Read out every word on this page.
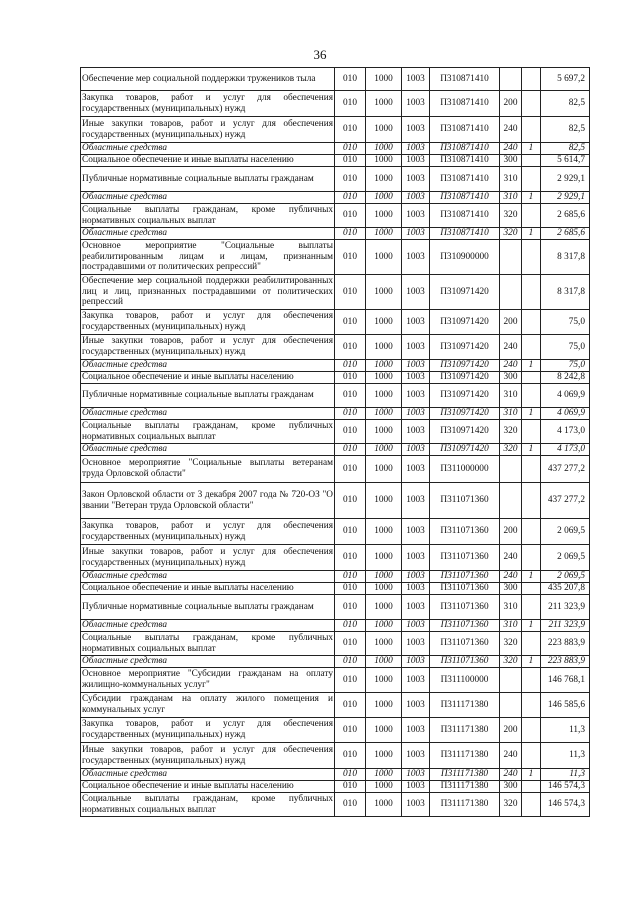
36
Обеспечение мер социальной поддержки тружеников тыла	010	1000	1003	П310871410			5 697,2
Закупка товаров, работ и услуг для обеспечения государственных (муниципальных) нужд	010	1000	1003	П310871410	200		82,5
Иные закупки товаров, работ и услуг для обеспечения государственных (муниципальных) нужд	010	1000	1003	П310871410	240		82,5
Областные средства	010	1000	1003	П310871410	240	1	82,5
Социальное обеспечение и иные выплаты населению	010	1000	1003	П310871410	300		5 614,7
Публичные нормативные социальные выплаты гражданам	010	1000	1003	П310871410	310		2 929,1
Областные средства	010	1000	1003	П310871410	310	1	2 929,1
Социальные выплаты гражданам, кроме публичных нормативных социальных выплат	010	1000	1003	П310871410	320		2 685,6
Областные средства	010	1000	1003	П310871410	320	1	2 685,6
Основное мероприятие "Социальные выплаты реабилитированным лицам и лицам, признанным пострадавшими от политических репрессий"	010	1000	1003	П310900000			8 317,8
Обеспечение мер социальной поддержки реабилитированных лиц и лиц, признанных пострадавшими от политических репрессий	010	1000	1003	П310971420			8 317,8
Закупка товаров, работ и услуг для обеспечения государственных (муниципальных) нужд	010	1000	1003	П310971420	200		75,0
Иные закупки товаров, работ и услуг для обеспечения государственных (муниципальных) нужд	010	1000	1003	П310971420	240		75,0
Областные средства	010	1000	1003	П310971420	240	1	75,0
Социальное обеспечение и иные выплаты населению	010	1000	1003	П310971420	300		8 242,8
Публичные нормативные социальные выплаты гражданам	010	1000	1003	П310971420	310		4 069,9
Областные средства	010	1000	1003	П310971420	310	1	4 069,9
Социальные выплаты гражданам, кроме публичных нормативных социальных выплат	010	1000	1003	П310971420	320		4 173,0
Областные средства	010	1000	1003	П310971420	320	1	4 173,0
Основное мероприятие "Социальные выплаты ветеранам труда Орловской области"	010	1000	1003	П311000000			437 277,2
Закон Орловской области от 3 декабря 2007 года № 720-ОЗ "О звании "Ветеран труда Орловской области"	010	1000	1003	П311071360			437 277,2
Закупка товаров, работ и услуг для обеспечения государственных (муниципальных) нужд	010	1000	1003	П311071360	200		2 069,5
Иные закупки товаров, работ и услуг для обеспечения государственных (муниципальных) нужд	010	1000	1003	П311071360	240		2 069,5
Областные средства	010	1000	1003	П311071360	240	1	2 069,5
Социальное обеспечение и иные выплаты населению	010	1000	1003	П311071360	300		435 207,8
Публичные нормативные социальные выплаты гражданам	010	1000	1003	П311071360	310		211 323,9
Областные средства	010	1000	1003	П311071360	310	1	211 323,9
Социальные выплаты гражданам, кроме публичных нормативных социальных выплат	010	1000	1003	П311071360	320		223 883,9
Областные средства	010	1000	1003	П311071360	320	1	223 883,9
Основное мероприятие "Субсидии гражданам на оплату жилищно-коммунальных услуг"	010	1000	1003	П311100000			146 768,1
Субсидии гражданам на оплату жилого помещения и коммунальных услуг	010	1000	1003	П311171380			146 585,6
Закупка товаров, работ и услуг для обеспечения государственных (муниципальных) нужд	010	1000	1003	П311171380	200		11,3
Иные закупки товаров, работ и услуг для обеспечения государственных (муниципальных) нужд	010	1000	1003	П311171380	240		11,3
Областные средства	010	1000	1003	П311171380	240	1	11,3
Социальное обеспечение и иные выплаты населению	010	1000	1003	П311171380	300		146 574,3
Социальные выплаты гражданам, кроме публичных нормативных социальных выплат	010	1000	1003	П311171380	320		146 574,3
